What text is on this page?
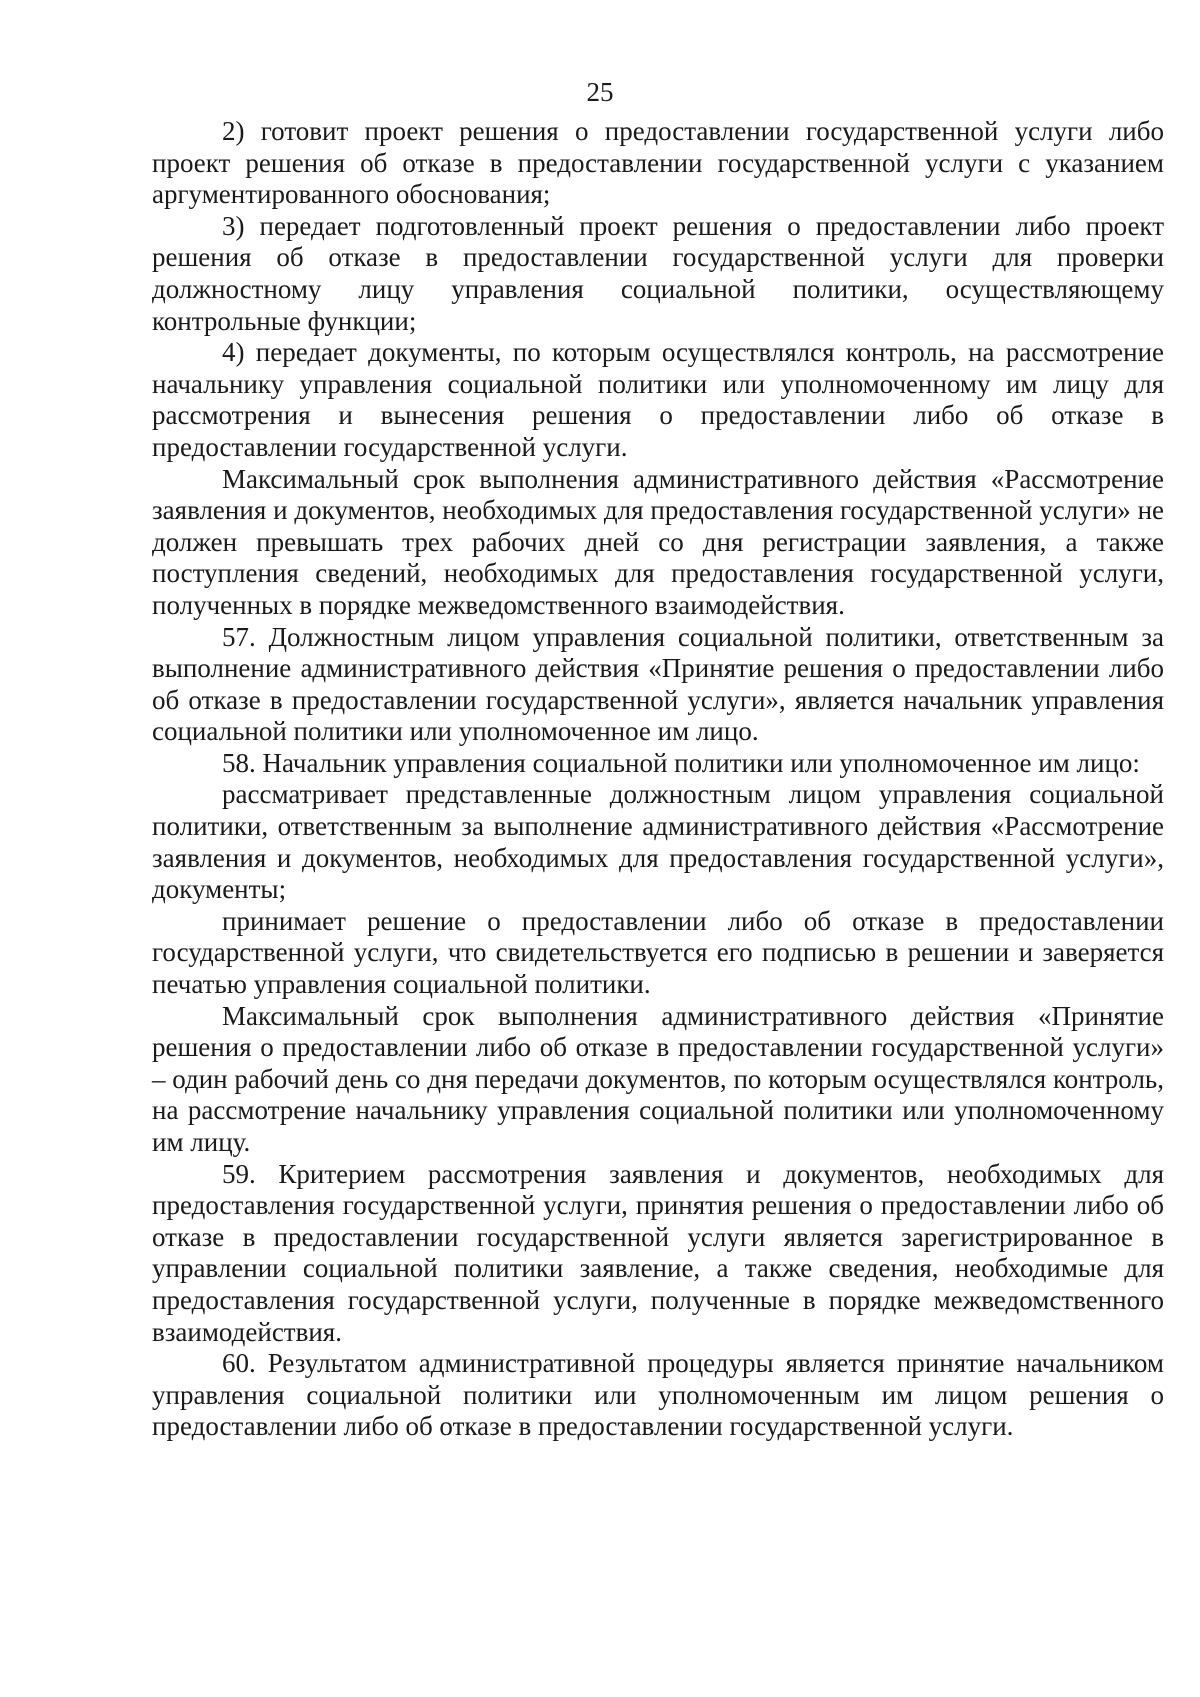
25

2) готовит проект решения о предоставлении государственной услуги либо проект решения об отказе в предоставлении государственной услуги с указанием аргументированного обоснования;

3) передает подготовленный проект решения о предоставлении либо проект решения об отказе в предоставлении государственной услуги для проверки должностному лицу управления социальной политики, осуществляющему контрольные функции;

4) передает документы, по которым осуществлялся контроль, на рассмотрение начальнику управления социальной политики или уполномоченному им лицу для рассмотрения и вынесения решения о предоставлении либо об отказе в предоставлении государственной услуги.

Максимальный срок выполнения административного действия «Рассмотрение заявления и документов, необходимых для предоставления государственной услуги» не должен превышать трех рабочих дней со дня регистрации заявления, а также поступления сведений, необходимых для предоставления государственной услуги, полученных в порядке межведомственного взаимодействия.

57. Должностным лицом управления социальной политики, ответственным за выполнение административного действия «Принятие решения о предоставлении либо об отказе в предоставлении государственной услуги», является начальник управления социальной политики или уполномоченное им лицо.

58. Начальник управления социальной политики или уполномоченное им лицо:

рассматривает представленные должностным лицом управления социальной политики, ответственным за выполнение административного действия «Рассмотрение заявления и документов, необходимых для предоставления государственной услуги», документы;

принимает решение о предоставлении либо об отказе в предоставлении государственной услуги, что свидетельствуется его подписью в решении и заверяется печатью управления социальной политики.

Максимальный срок выполнения административного действия «Принятие решения о предоставлении либо об отказе в предоставлении государственной услуги» – один рабочий день со дня передачи документов, по которым осуществлялся контроль, на рассмотрение начальнику управления социальной политики или уполномоченному им лицу.

59. Критерием рассмотрения заявления и документов, необходимых для предоставления государственной услуги, принятия решения о предоставлении либо об отказе в предоставлении государственной услуги является зарегистрированное в управлении социальной политики заявление, а также сведения, необходимые для предоставления государственной услуги, полученные в порядке межведомственного взаимодействия.

60. Результатом административной процедуры является принятие начальником управления социальной политики или уполномоченным им лицом решения о предоставлении либо об отказе в предоставлении государственной услуги.
